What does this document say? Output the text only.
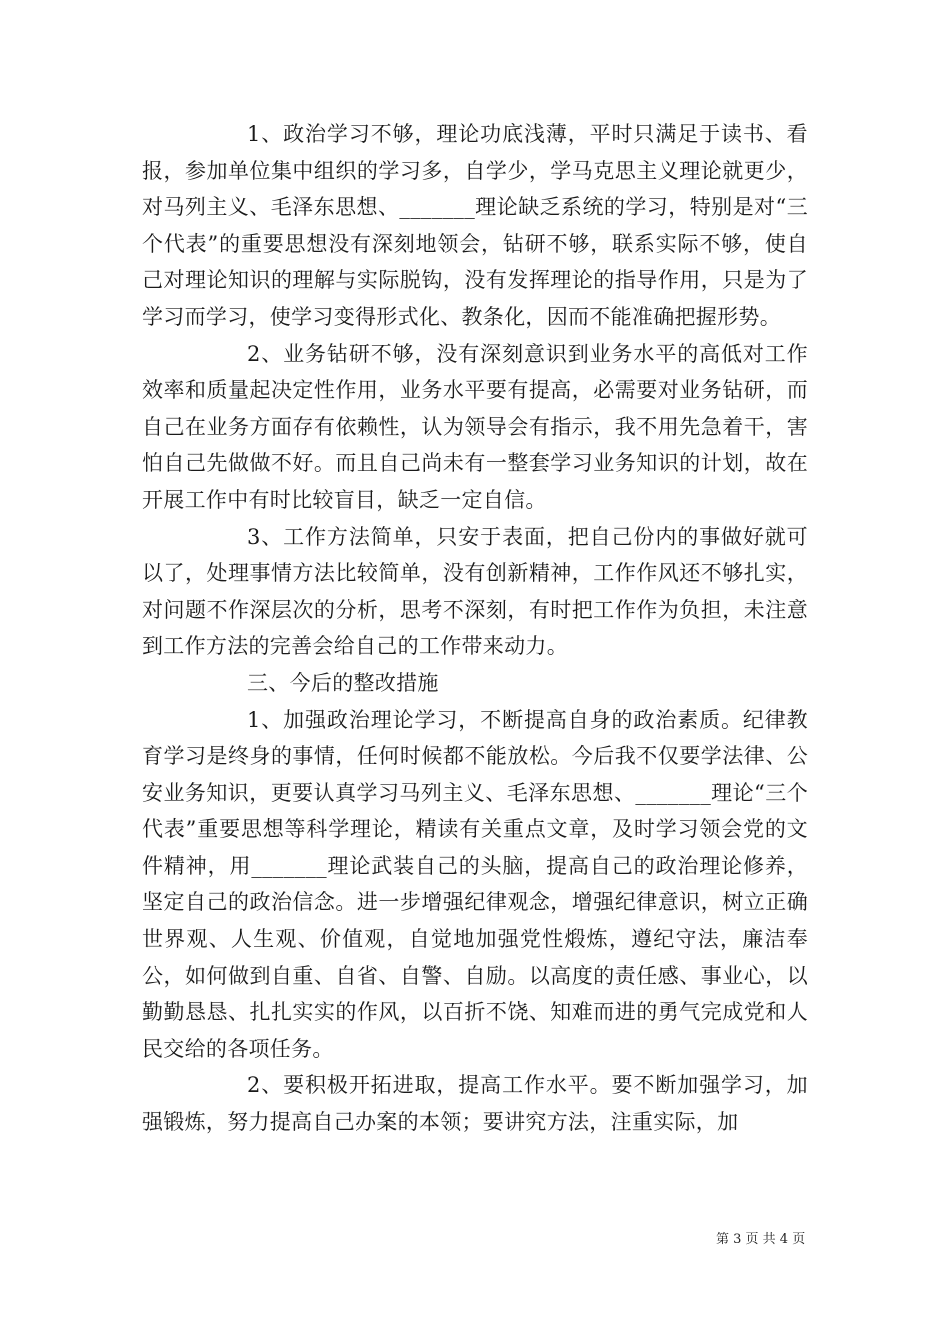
1、政治学习不够，理论功底浅薄，平时只满足于读书、看报，参加单位集中组织的学习多，自学少，学马克思主义理论就更少，对马列主义、毛泽东思想、_______理论缺乏系统的学习，特别是对“三个代表”的重要思想没有深刻地领会，钻研不够，联系实际不够，使自己对理论知识的理解与实际脱钩，没有发挥理论的指导作用，只是为了学习而学习，使学习变得形式化、教条化，因而不能准确把握形势。

2、业务钻研不够，没有深刻意识到业务水平的高低对工作效率和质量起决定性作用，业务水平要有提高，必需要对业务钻研，而自己在业务方面存有依赖性，认为领导会有指示，我不用先急着干，害怕自己先做做不好。而且自己尚未有一整套学习业务知识的计划，故在开展工作中有时比较盲目，缺乏一定自信。

3、工作方法简单，只安于表面，把自己份内的事做好就可以了，处理事情方法比较简单，没有创新精神，工作作风还不够扎实，对问题不作深层次的分析，思考不深刻，有时把工作作为负担，未注意到工作方法的完善会给自己的工作带来动力。

三、今后的整改措施

1、加强政治理论学习，不断提高自身的政治素质。纪律教育学习是终身的事情，任何时候都不能放松。今后我不仅要学法律、公安业务知识，更要认真学习马列主义、毛泽东思想、_______理论“三个代表”重要思想等科学理论，精读有关重点文章，及时学习领会党的文件精神，用_______理论武装自己的头脑，提高自己的政治理论修养，坚定自己的政治信念。进一步增强纪律观念，增强纪律意识，树立正确世界观、人生观、价值观，自觉地加强党性煅炼，遵纪守法，廉洁奉公，如何做到自重、自省、自警、自励。以高度的责任感、事业心，以勤勤恳恳、扎扎实实的作风，以百折不饶、知难而进的勇气完成党和人民交给的各项任务。

2、要积极开拓进取，提高工作水平。要不断加强学习，加强锻炼，努力提高自己办案的本领；要讲究方法，注重实际，加

第 3 页 共 4 页
